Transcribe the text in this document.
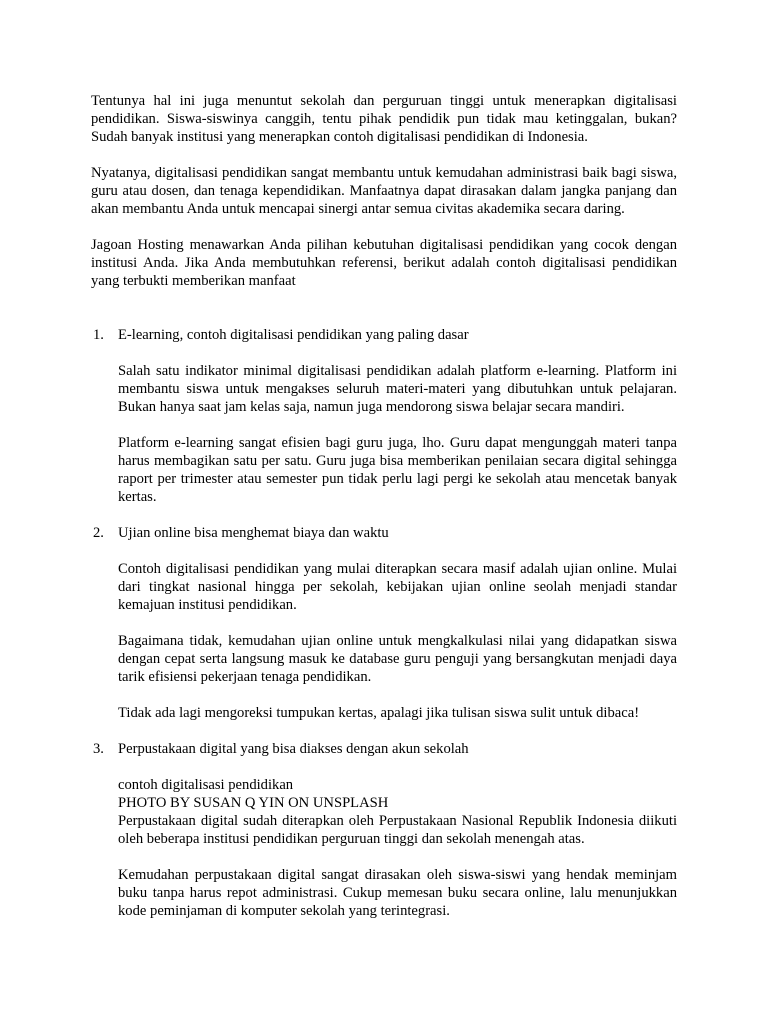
Tentunya hal ini juga menuntut sekolah dan perguruan tinggi untuk menerapkan digitalisasi pendidikan. Siswa-siswinya canggih, tentu pihak pendidik pun tidak mau ketinggalan, bukan? Sudah banyak institusi yang menerapkan contoh digitalisasi pendidikan di Indonesia.

Nyatanya, digitalisasi pendidikan sangat membantu untuk kemudahan administrasi baik bagi siswa, guru atau dosen, dan tenaga kependidikan. Manfaatnya dapat dirasakan dalam jangka panjang dan akan membantu Anda untuk mencapai sinergi antar semua civitas akademika secara daring.

Jagoan Hosting menawarkan Anda pilihan kebutuhan digitalisasi pendidikan yang cocok dengan institusi Anda. Jika Anda membutuhkan referensi, berikut adalah contoh digitalisasi pendidikan yang terbukti memberikan manfaat

1. E-learning, contoh digitalisasi pendidikan yang paling dasar

Salah satu indikator minimal digitalisasi pendidikan adalah platform e-learning. Platform ini membantu siswa untuk mengakses seluruh materi-materi yang dibutuhkan untuk pelajaran. Bukan hanya saat jam kelas saja, namun juga mendorong siswa belajar secara mandiri.

Platform e-learning sangat efisien bagi guru juga, lho. Guru dapat mengunggah materi tanpa harus membagikan satu per satu. Guru juga bisa memberikan penilaian secara digital sehingga raport per trimester atau semester pun tidak perlu lagi pergi ke sekolah atau mencetak banyak kertas.

2. Ujian online bisa menghemat biaya dan waktu

Contoh digitalisasi pendidikan yang mulai diterapkan secara masif adalah ujian online. Mulai dari tingkat nasional hingga per sekolah, kebijakan ujian online seolah menjadi standar kemajuan institusi pendidikan.

Bagaimana tidak, kemudahan ujian online untuk mengkalkulasi nilai yang didapatkan siswa dengan cepat serta langsung masuk ke database guru penguji yang bersangkutan menjadi daya tarik efisiensi pekerjaan tenaga pendidikan.

Tidak ada lagi mengoreksi tumpukan kertas, apalagi jika tulisan siswa sulit untuk dibaca!

3. Perpustakaan digital yang bisa diakses dengan akun sekolah

contoh digitalisasi pendidikan

PHOTO BY SUSAN Q YIN ON UNSPLASH

Perpustakaan digital sudah diterapkan oleh Perpustakaan Nasional Republik Indonesia diikuti oleh beberapa institusi pendidikan perguruan tinggi dan sekolah menengah atas.

Kemudahan perpustakaan digital sangat dirasakan oleh siswa-siswi yang hendak meminjam buku tanpa harus repot administrasi. Cukup memesan buku secara online, lalu menunjukkan kode peminjaman di komputer sekolah yang terintegrasi.
